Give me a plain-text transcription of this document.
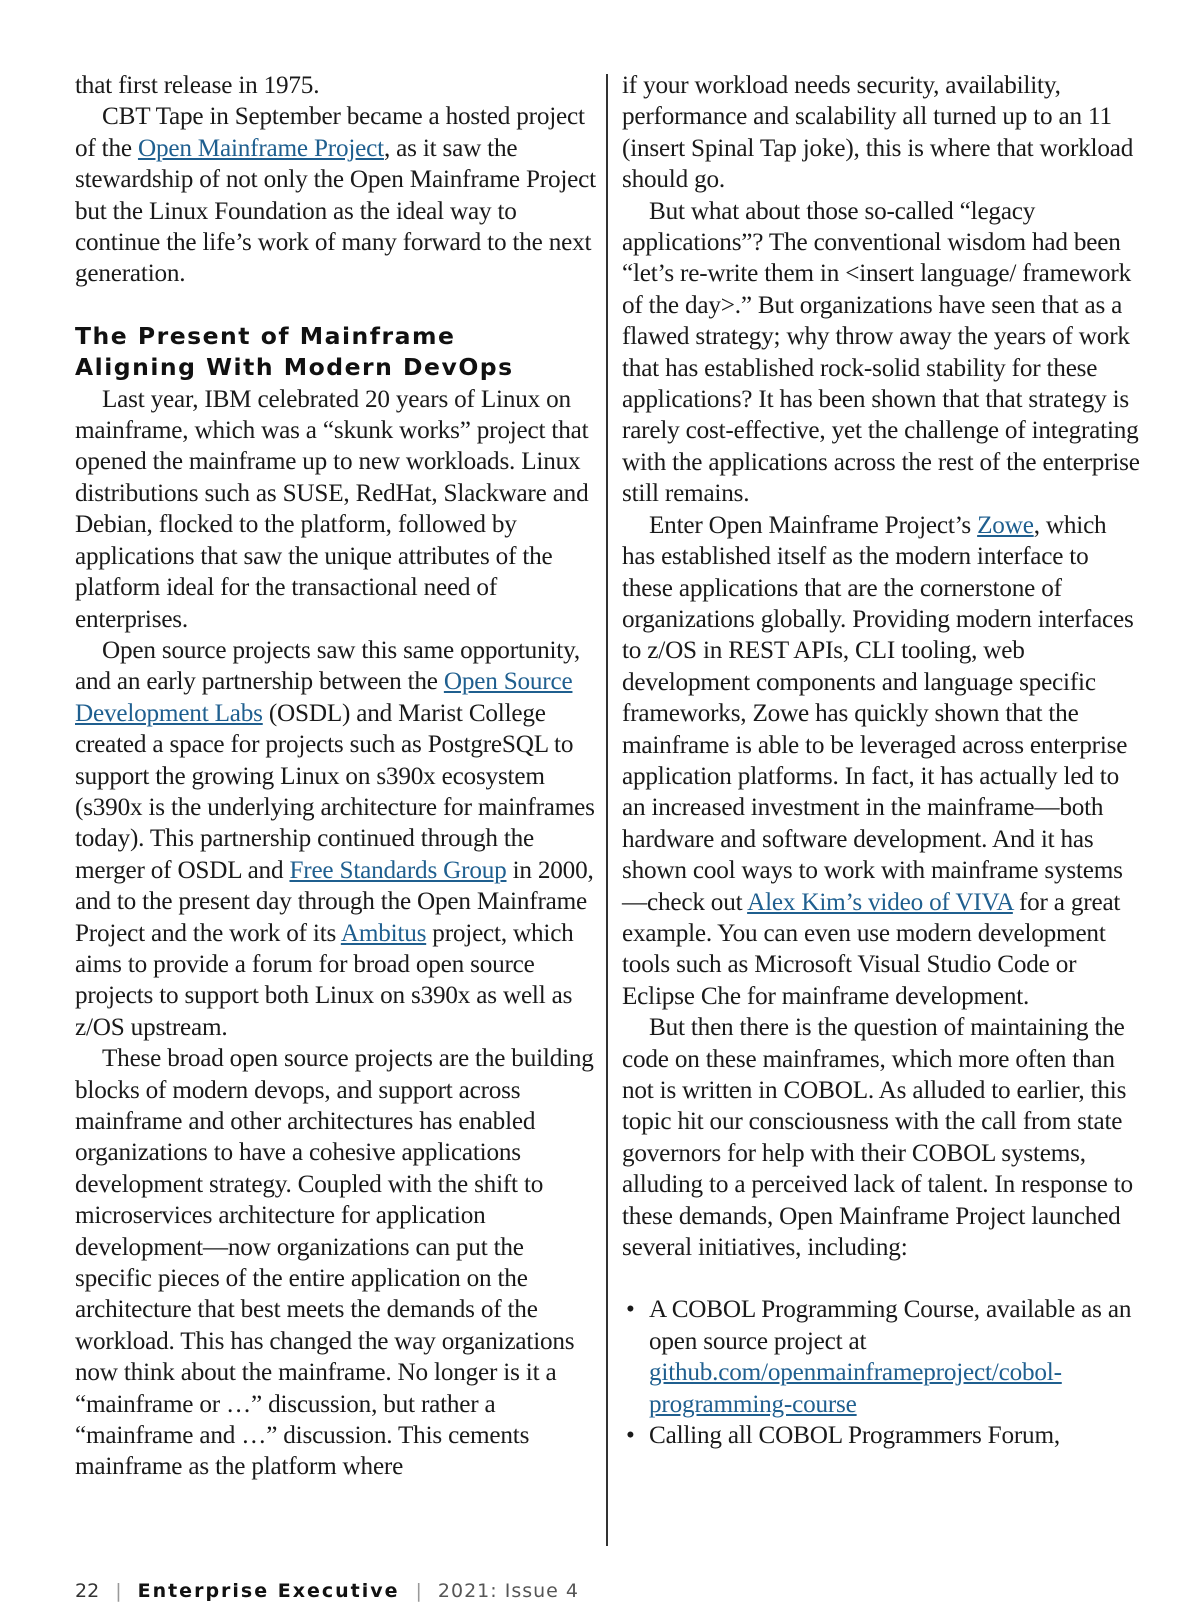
that first release in 1975.

CBT Tape in September became a hosted project of the Open Mainframe Project, as it saw the stewardship of not only the Open Mainframe Project but the Linux Foundation as the ideal way to continue the life’s work of many forward to the next generation.

The Present of Mainframe
Aligning With Modern DevOps

Last year, IBM celebrated 20 years of Linux on mainframe, which was a “skunk works” project that opened the mainframe up to new workloads. Linux distributions such as SUSE, RedHat, Slackware and Debian, flocked to the platform, followed by applications that saw the unique attributes of the platform ideal for the transactional need of enterprises.

Open source projects saw this same opportunity, and an early partnership between the Open Source Development Labs (OSDL) and Marist College created a space for projects such as PostgreSQL to support the growing Linux on s390x ecosystem (s390x is the underlying architecture for mainframes today). This partnership continued through the merger of OSDL and Free Standards Group in 2000, and to the present day through the Open Mainframe Project and the work of its Ambitus project, which aims to provide a forum for broad open source projects to support both Linux on s390x as well as z/OS upstream.

These broad open source projects are the building blocks of modern devops, and support across mainframe and other architectures has enabled organizations to have a cohesive applications development strategy. Coupled with the shift to microservices architecture for application development—now organizations can put the specific pieces of the entire application on the architecture that best meets the demands of the workload. This has changed the way organizations now think about the mainframe. No longer is it a “mainframe or …” discussion, but rather a “mainframe and …” discussion. This cements mainframe as the platform where

if your workload needs security, availability, performance and scalability all turned up to an 11 (insert Spinal Tap joke), this is where that workload should go.

But what about those so-called “legacy applications”? The conventional wisdom had been “let’s re-write them in <insert language/ framework of the day>.” But organizations have seen that as a flawed strategy; why throw away the years of work that has established rock-solid stability for these applications? It has been shown that that strategy is rarely cost-effective, yet the challenge of integrating with the applications across the rest of the enterprise still remains.

Enter Open Mainframe Project’s Zowe, which has established itself as the modern interface to these applications that are the cornerstone of organizations globally. Providing modern interfaces to z/OS in REST APIs, CLI tooling, web development components and language specific frameworks, Zowe has quickly shown that the mainframe is able to be leveraged across enterprise application platforms. In fact, it has actually led to an increased investment in the mainframe—both hardware and software development. And it has shown cool ways to work with mainframe systems—check out Alex Kim’s video of VIVA for a great example. You can even use modern development tools such as Microsoft Visual Studio Code or Eclipse Che for mainframe development.

But then there is the question of maintaining the code on these mainframes, which more often than not is written in COBOL. As alluded to earlier, this topic hit our consciousness with the call from state governors for help with their COBOL systems, alluding to a perceived lack of talent. In response to these demands, Open Mainframe Project launched several initiatives, including:

• A COBOL Programming Course, available as an open source project at github.com/openmainframeproject/cobol-programming-course
• Calling all COBOL Programmers Forum,
22 | Enterprise Executive | 2021: Issue 4
